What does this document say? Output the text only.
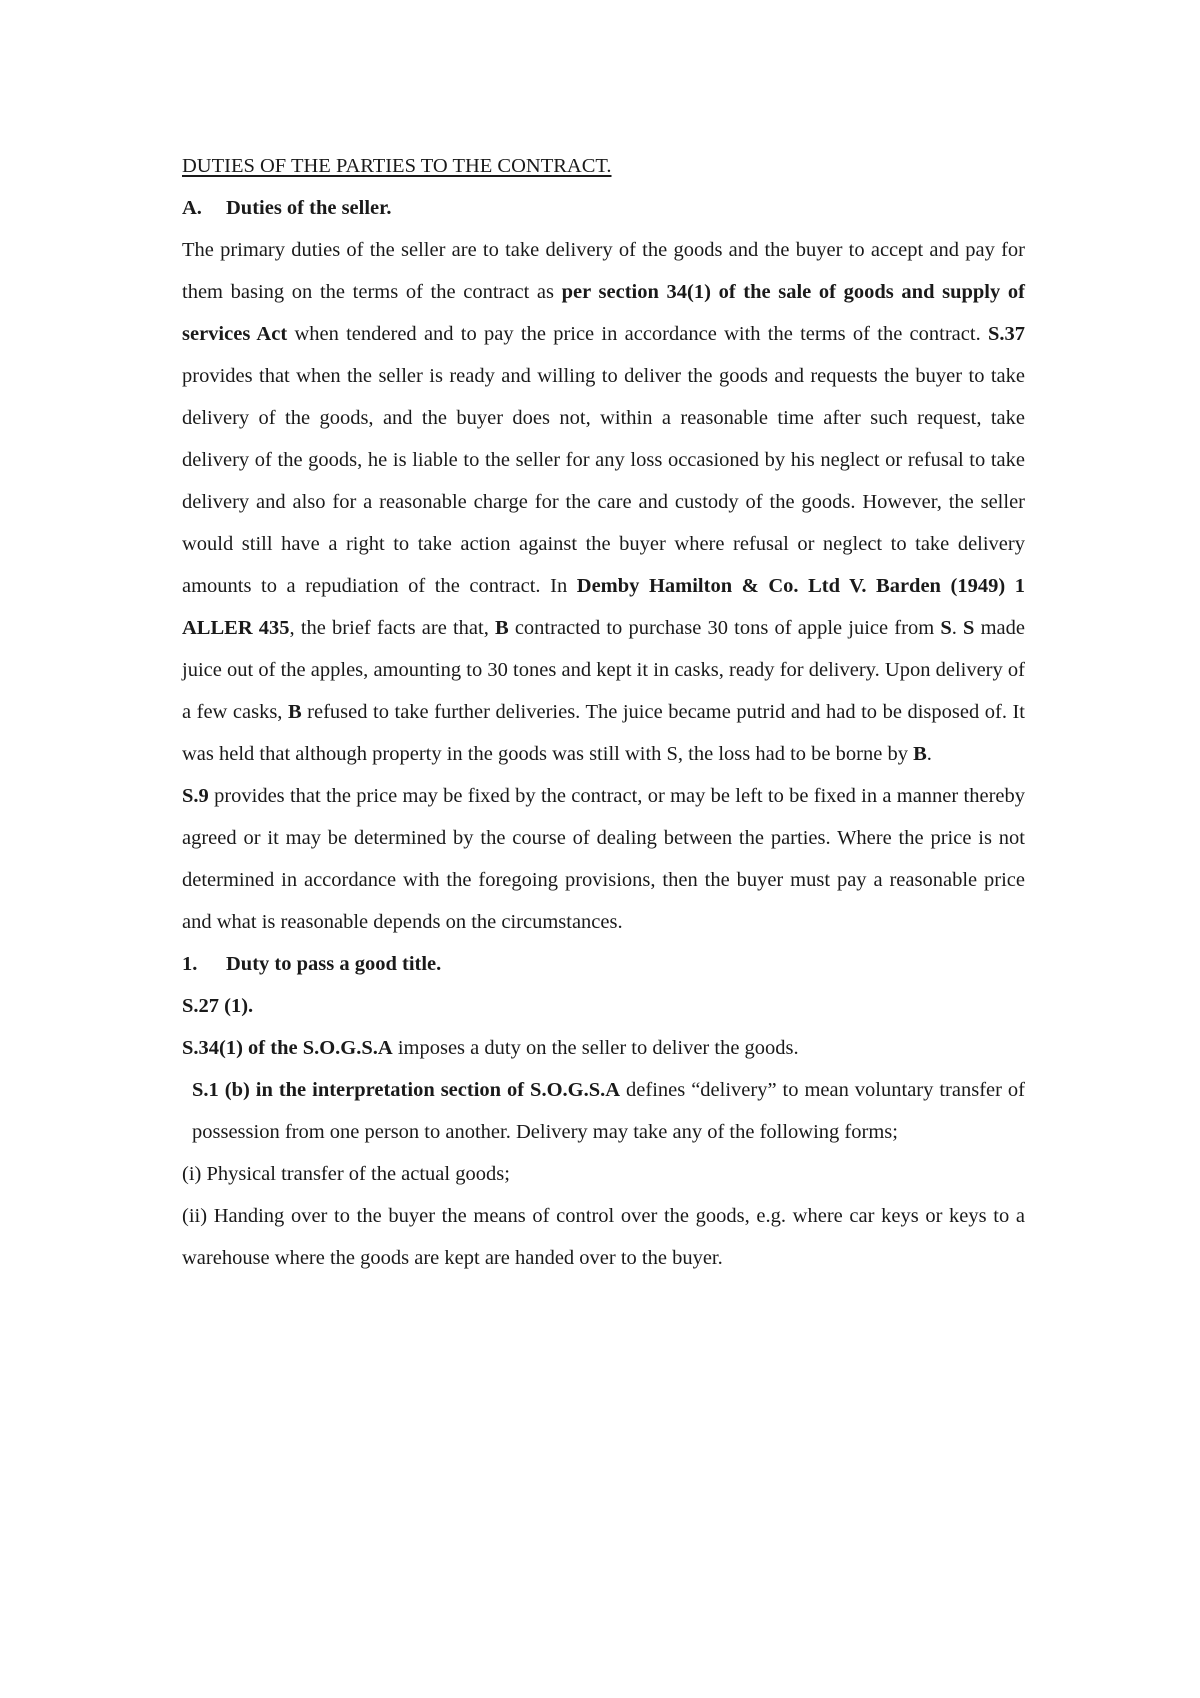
DUTIES OF THE PARTIES TO THE CONTRACT.

A. Duties of the seller.

The primary duties of the seller are to take delivery of the goods and the buyer to accept and pay for them basing on the terms of the contract as per section 34(1) of the sale of goods and supply of services Act when tendered and to pay the price in accordance with the terms of the contract. S.37 provides that when the seller is ready and willing to deliver the goods and requests the buyer to take delivery of the goods, and the buyer does not, within a reasonable time after such request, take delivery of the goods, he is liable to the seller for any loss occasioned by his neglect or refusal to take delivery and also for a reasonable charge for the care and custody of the goods. However, the seller would still have a right to take action against the buyer where refusal or neglect to take delivery amounts to a repudiation of the contract. In Demby Hamilton & Co. Ltd V. Barden (1949) 1 ALLER 435, the brief facts are that, B contracted to purchase 30 tons of apple juice from S. S made juice out of the apples, amounting to 30 tones and kept it in casks, ready for delivery. Upon delivery of a few casks, B refused to take further deliveries. The juice became putrid and had to be disposed of. It was held that although property in the goods was still with S, the loss had to be borne by B.

S.9 provides that the price may be fixed by the contract, or may be left to be fixed in a manner thereby agreed or it may be determined by the course of dealing between the parties. Where the price is not determined in accordance with the foregoing provisions, then the buyer must pay a reasonable price and what is reasonable depends on the circumstances.

1. Duty to pass a good title.

S.27 (1).

S.34(1) of the S.O.G.S.A imposes a duty on the seller to deliver the goods.

S.1 (b) in the interpretation section of S.O.G.S.A defines “delivery” to mean voluntary transfer of possession from one person to another. Delivery may take any of the following forms;

(i) Physical transfer of the actual goods;

(ii) Handing over to the buyer the means of control over the goods, e.g. where car keys or keys to a warehouse where the goods are kept are handed over to the buyer.
